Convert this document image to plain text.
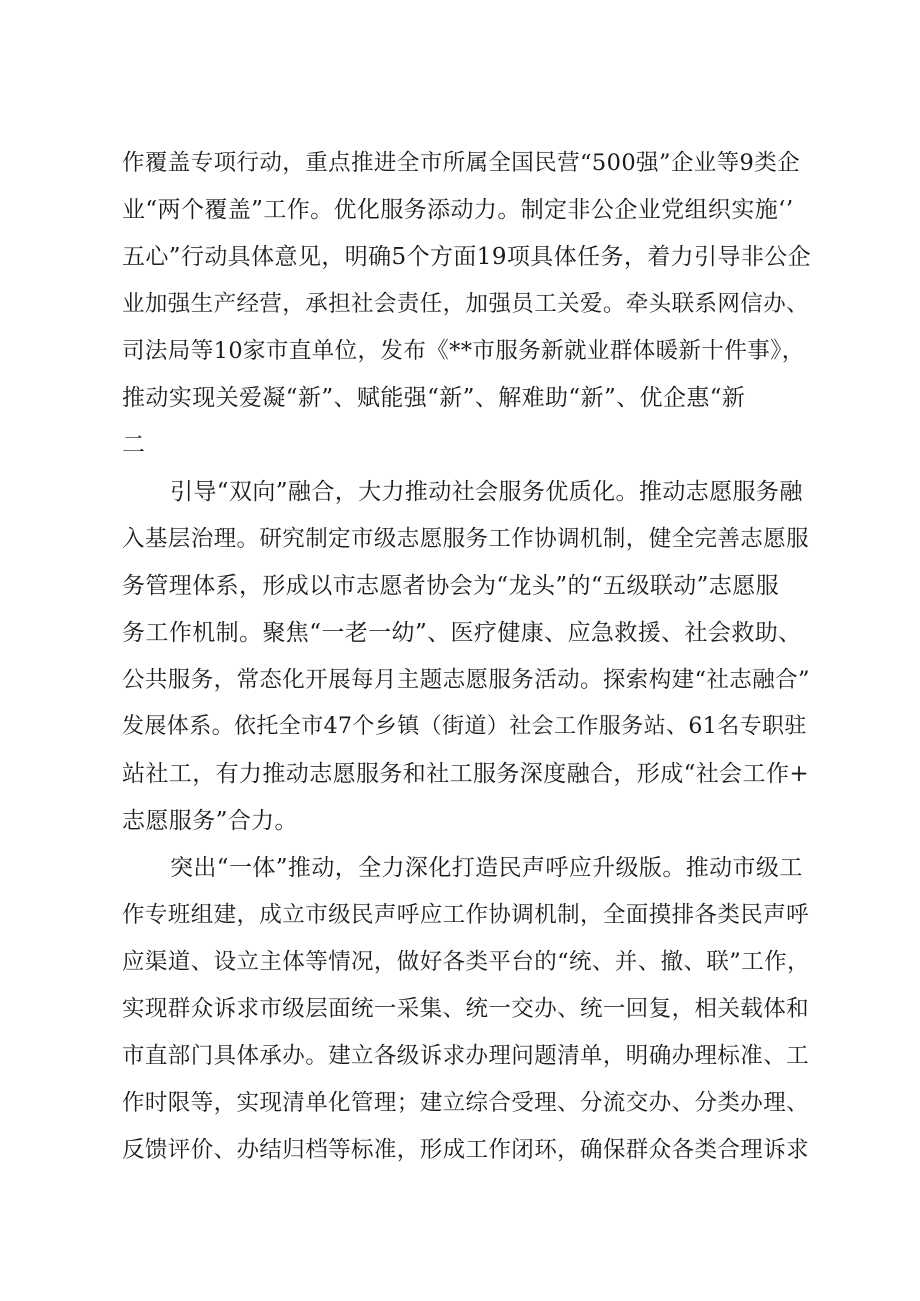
作覆盖专项行动，重点推进全市所属全国民营“500强”企业等9类企
业“两个覆盖”工作。优化服务添动力。制定非公企业党组织实施‘’
五心”行动具体意见，明确5个方面19项具体任务，着力引导非公企
业加强生产经营，承担社会责任，加强员工关爱。牵头联系网信办、
司法局等10家市直单位，发布《**市服务新就业群体暖新十件事》，
推动实现关爱凝“新”、赋能强“新”、解难助“新”、优企惠“新
二
引导“双向”融合，大力推动社会服务优质化。推动志愿服务融
入基层治理。研究制定市级志愿服务工作协调机制，健全完善志愿服
务管理体系，形成以市志愿者协会为“龙头”的“五级联动”志愿服
务工作机制。聚焦“一老一幼”、医疗健康、应急救援、社会救助、
公共服务，常态化开展每月主题志愿服务活动。探索构建“社志融合”
发展体系。依托全市47个乡镇（街道）社会工作服务站、61名专职驻
站社工，有力推动志愿服务和社工服务深度融合，形成“社会工作+
志愿服务”合力。
突出“一体”推动，全力深化打造民声呼应升级版。推动市级工
作专班组建，成立市级民声呼应工作协调机制，全面摸排各类民声呼
应渠道、设立主体等情况，做好各类平台的“统、并、撤、联”工作，
实现群众诉求市级层面统一采集、统一交办、统一回复，相关载体和
市直部门具体承办。建立各级诉求办理问题清单，明确办理标准、工
作时限等，实现清单化管理；建立综合受理、分流交办、分类办理、
反馈评价、办结归档等标准，形成工作闭环，确保群众各类合理诉求
